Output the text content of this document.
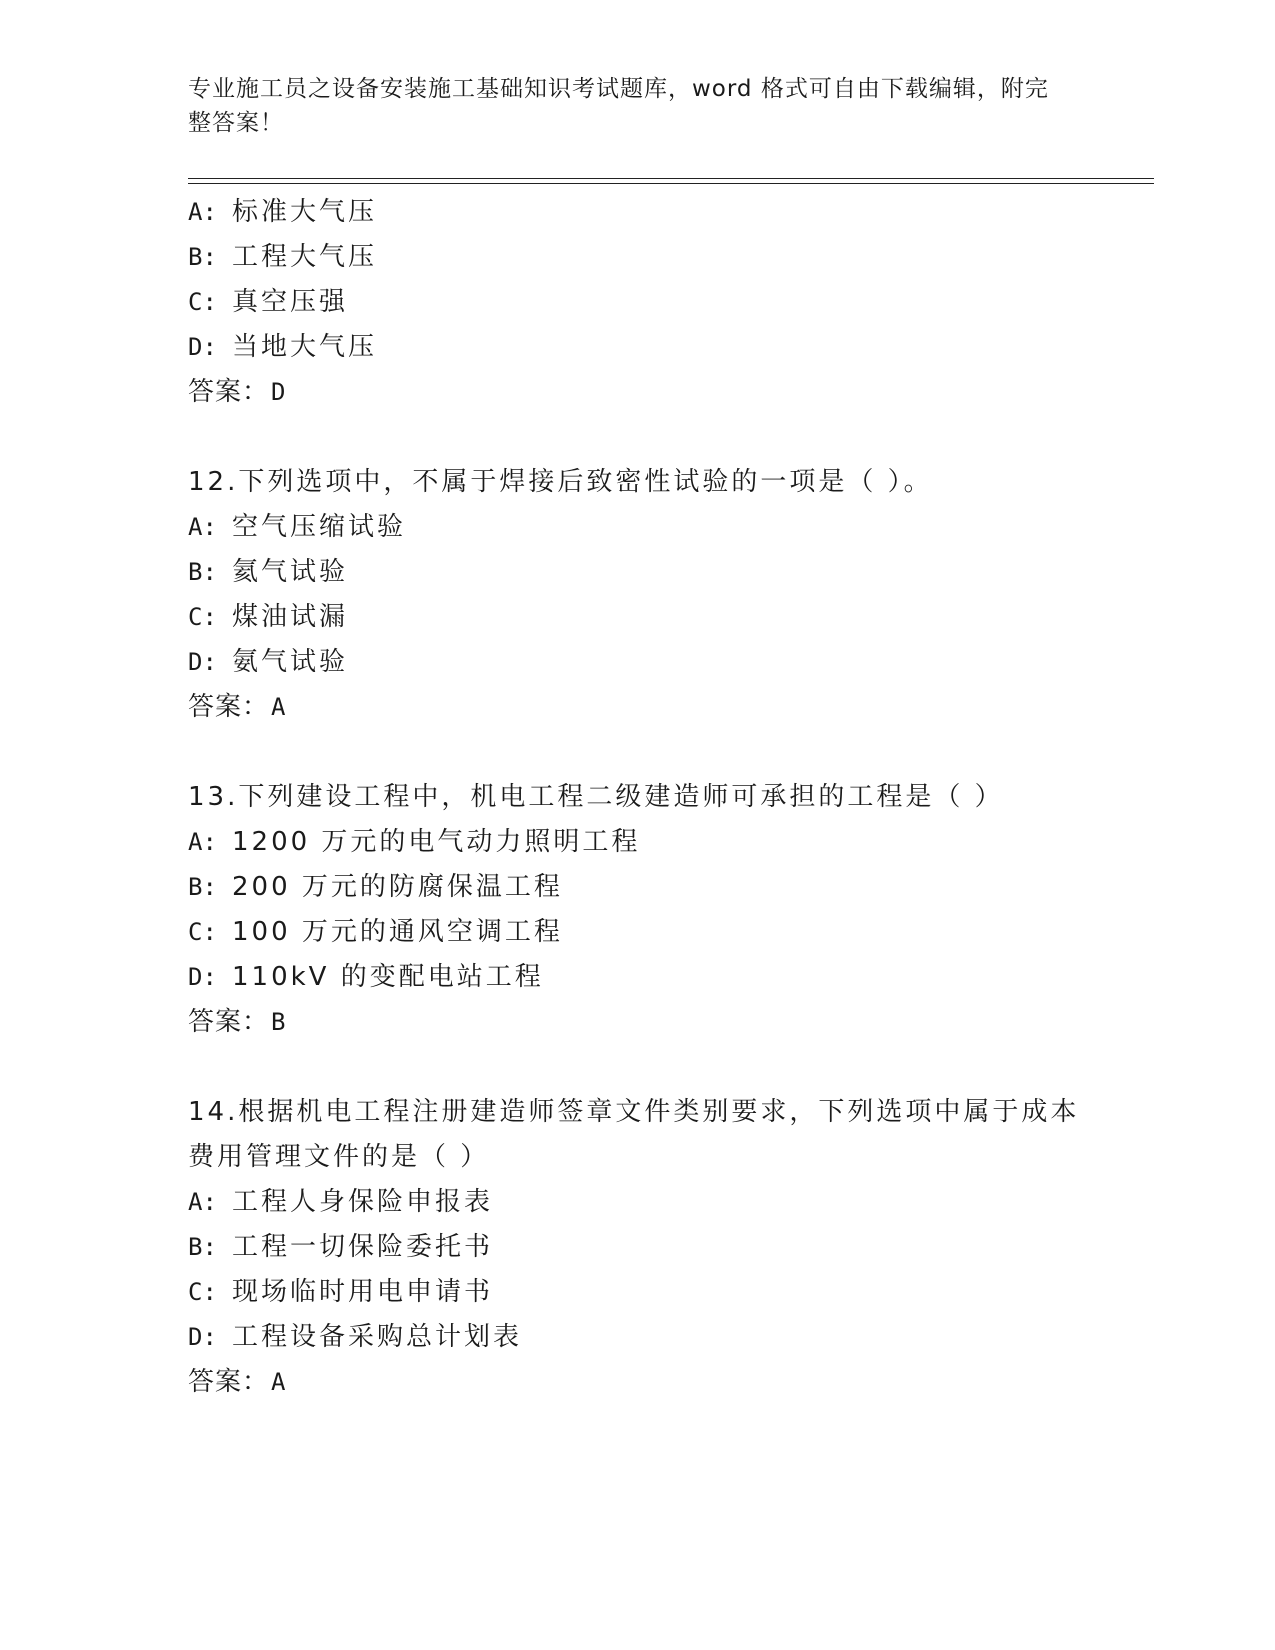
专业施工员之设备安装施工基础知识考试题库，word 格式可自由下载编辑，附完整答案！
A: 标准大气压
B: 工程大气压
C: 真空压强
D: 当地大气压
答案：D
12.下列选项中，不属于焊接后致密性试验的一项是（ ）。
A: 空气压缩试验
B: 氦气试验
C: 煤油试漏
D: 氨气试验
答案：A
13.下列建设工程中，机电工程二级建造师可承担的工程是（ ）
A: 1200 万元的电气动力照明工程
B: 200 万元的防腐保温工程
C: 100 万元的通风空调工程
D: 110kV 的变配电站工程
答案：B
14.根据机电工程注册建造师签章文件类别要求，下列选项中属于成本
费用管理文件的是（ ）
A: 工程人身保险申报表
B: 工程一切保险委托书
C: 现场临时用电申请书
D: 工程设备采购总计划表
答案：A
